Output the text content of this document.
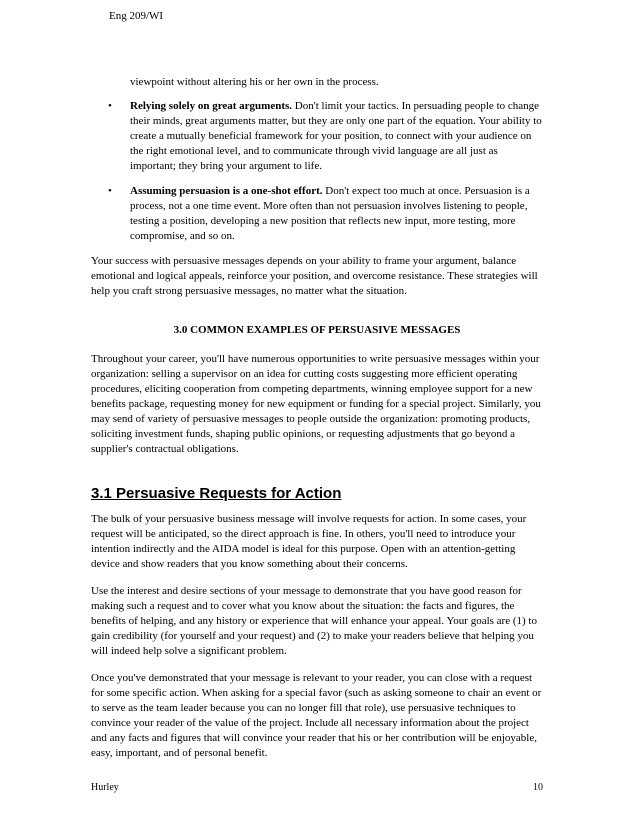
Eng 209/WI

viewpoint without altering his or her own in the process.

• Relying solely on great arguments. Don't limit your tactics. In persuading people to change their minds, great arguments matter, but they are only one part of the equation. Your ability to create a mutually beneficial framework for your position, to connect with your audience on the right emotional level, and to communicate through vivid language are all just as important; they bring your argument to life.
• Assuming persuasion is a one-shot effort. Don't expect too much at once. Persuasion is a process, not a one time event. More often than not persuasion involves listening to people, testing a position, developing a new position that reflects new input, more testing, more compromise, and so on.

Your success with persuasive messages depends on your ability to frame your argument, balance emotional and logical appeals, reinforce your position, and overcome resistance. These strategies will help you craft strong persuasive messages, no matter what the situation.

3.0 COMMON EXAMPLES OF PERSUASIVE MESSAGES

Throughout your career, you'll have numerous opportunities to write persuasive messages within your organization: selling a supervisor on an idea for cutting costs suggesting more efficient operating procedures, eliciting cooperation from competing departments, winning employee support for a new benefits package, requesting money for new equipment or funding for a special project. Similarly, you may send of variety of persuasive messages to people outside the organization: promoting products, soliciting investment funds, shaping public opinions, or requesting adjustments that go beyond a supplier's contractual obligations.

3.1 Persuasive Requests for Action

The bulk of your persuasive business message will involve requests for action. In some cases, your request will be anticipated, so the direct approach is fine. In others, you'll need to introduce your intention indirectly and the AIDA model is ideal for this purpose. Open with an attention-getting device and show readers that you know something about their concerns.

Use the interest and desire sections of your message to demonstrate that you have good reason for making such a request and to cover what you know about the situation: the facts and figures, the benefits of helping, and any history or experience that will enhance your appeal. Your goals are (1) to gain credibility (for yourself and your request) and (2) to make your readers believe that helping you will indeed help solve a significant problem.

Once you've demonstrated that your message is relevant to your reader, you can close with a request for some specific action. When asking for a special favor (such as asking someone to chair an event or to serve as the team leader because you can no longer fill that role), use persuasive techniques to convince your reader of the value of the project. Include all necessary information about the project and any facts and figures that will convince your reader that his or her contribution will be enjoyable, easy, important, and of personal benefit.

Hurley	10
